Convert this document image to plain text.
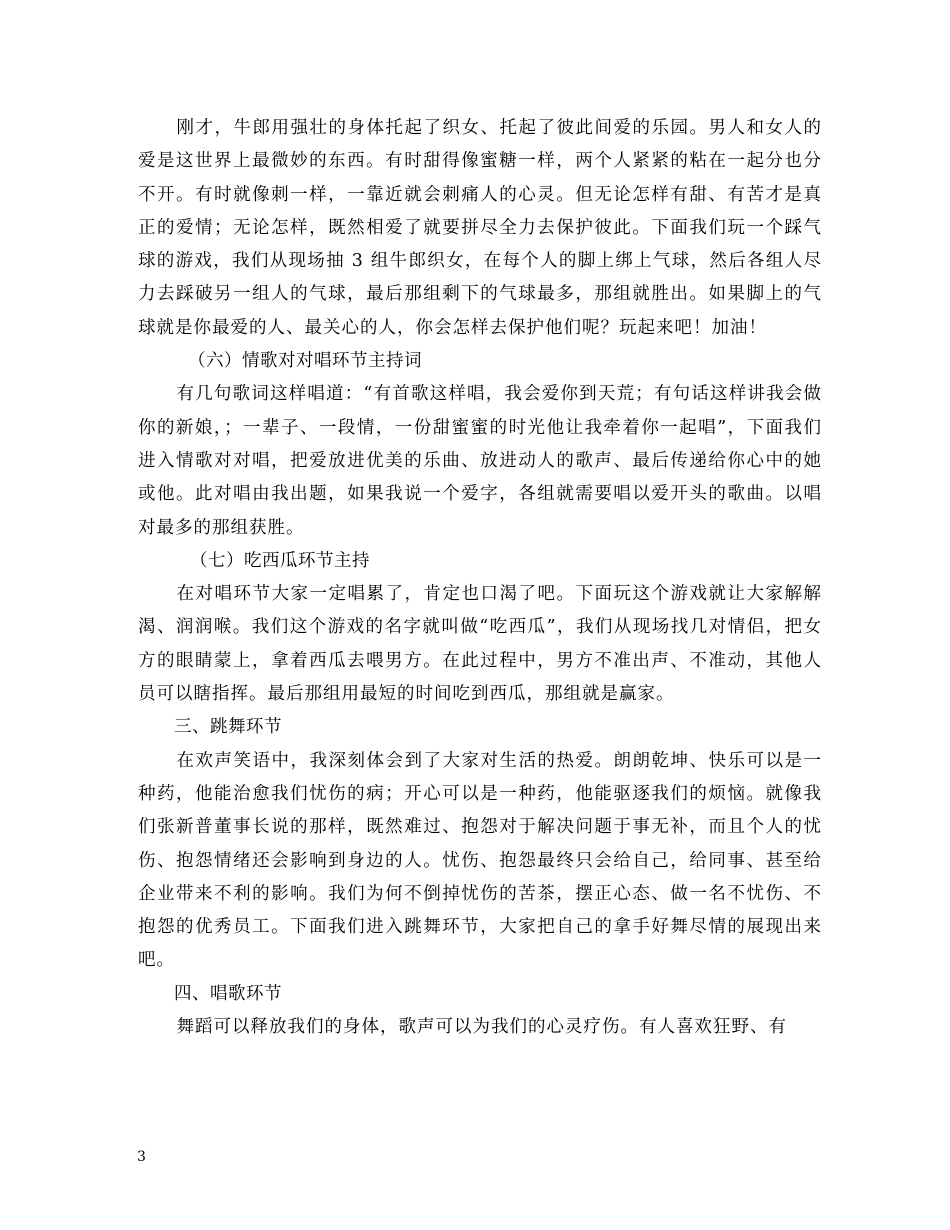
刚才，牛郎用强壮的身体托起了织女、托起了彼此间爱的乐园。男人和女人的爱是这世界上最微妙的东西。有时甜得像蜜糖一样，两个人紧紧的粘在一起分也分不开。有时就像刺一样，一靠近就会刺痛人的心灵。但无论怎样有甜、有苦才是真正的爱情；无论怎样，既然相爱了就要拼尽全力去保护彼此。下面我们玩一个踩气球的游戏，我们从现场抽 3 组牛郎织女，在每个人的脚上绑上气球，然后各组人尽力去踩破另一组人的气球，最后那组剩下的气球最多，那组就胜出。如果脚上的气球就是你最爱的人、最关心的人，你会怎样去保护他们呢？玩起来吧！加油！

（六）情歌对对唱环节主持词

有几句歌词这样唱道：“有首歌这样唱，我会爱你到天荒；有句话这样讲我会做你的新娘，；一辈子、一段情，一份甜蜜蜜的时光他让我牵着你一起唱”，下面我们进入情歌对对唱，把爱放进优美的乐曲、放进动人的歌声、最后传递给你心中的她或他。此对唱由我出题，如果我说一个爱字，各组就需要唱以爱开头的歌曲。以唱对最多的那组获胜。

（七）吃西瓜环节主持

在对唱环节大家一定唱累了，肯定也口渴了吧。下面玩这个游戏就让大家解解渴、润润喉。我们这个游戏的名字就叫做“吃西瓜”，我们从现场找几对情侣，把女方的眼睛蒙上，拿着西瓜去喂男方。在此过程中，男方不准出声、不准动，其他人员可以瞎指挥。最后那组用最短的时间吃到西瓜，那组就是赢家。

三、跳舞环节

在欢声笑语中，我深刻体会到了大家对生活的热爱。朗朗乾坤、快乐可以是一种药，他能治愈我们忧伤的病；开心可以是一种药，他能驱逐我们的烦恼。就像我们张新普董事长说的那样，既然难过、抱怨对于解决问题于事无补，而且个人的忧伤、抱怨情绪还会影响到身边的人。忧伤、抱怨最终只会给自己，给同事、甚至给企业带来不利的影响。我们为何不倒掉忧伤的苦茶，摆正心态、做一名不忧伤、不抱怨的优秀员工。下面我们进入跳舞环节，大家把自己的拿手好舞尽情的展现出来吧。

四、唱歌环节

舞蹈可以释放我们的身体，歌声可以为我们的心灵疗伤。有人喜欢狂野、有

3
